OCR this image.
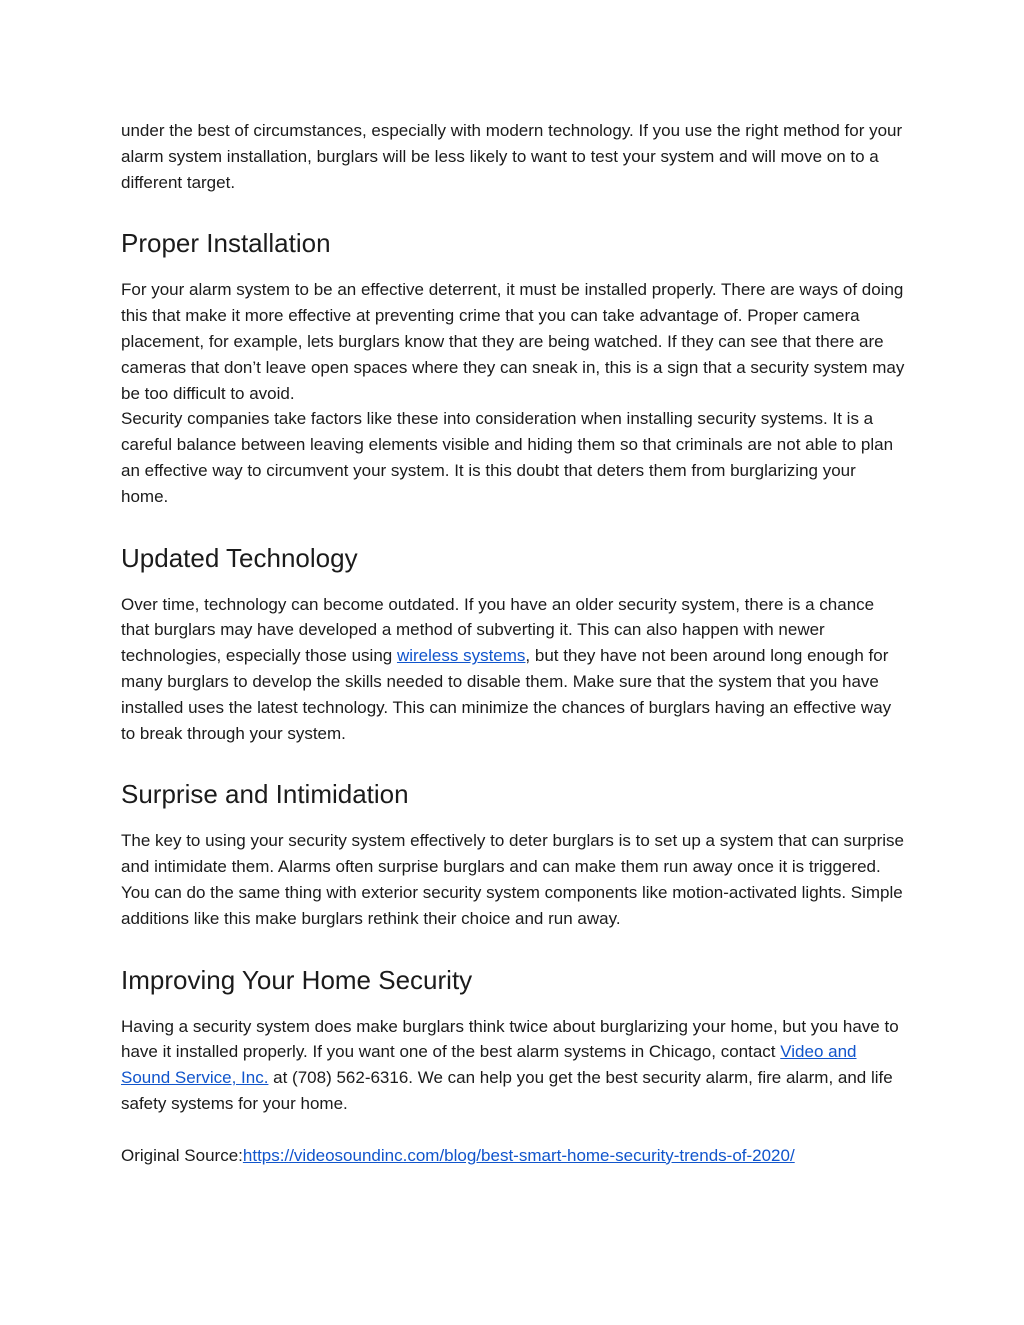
under the best of circumstances, especially with modern technology. If you use the right method for your alarm system installation, burglars will be less likely to want to test your system and will move on to a different target.

Proper Installation

For your alarm system to be an effective deterrent, it must be installed properly. There are ways of doing this that make it more effective at preventing crime that you can take advantage of. Proper camera placement, for example, lets burglars know that they are being watched. If they can see that there are cameras that don’t leave open spaces where they can sneak in, this is a sign that a security system may be too difficult to avoid.

Security companies take factors like these into consideration when installing security systems. It is a careful balance between leaving elements visible and hiding them so that criminals are not able to plan an effective way to circumvent your system. It is this doubt that deters them from burglarizing your home.

Updated Technology

Over time, technology can become outdated. If you have an older security system, there is a chance that burglars may have developed a method of subverting it. This can also happen with newer technologies, especially those using wireless systems, but they have not been around long enough for many burglars to develop the skills needed to disable them. Make sure that the system that you have installed uses the latest technology. This can minimize the chances of burglars having an effective way to break through your system.

Surprise and Intimidation

The key to using your security system effectively to deter burglars is to set up a system that can surprise and intimidate them. Alarms often surprise burglars and can make them run away once it is triggered. You can do the same thing with exterior security system components like motion-activated lights. Simple additions like this make burglars rethink their choice and run away.

Improving Your Home Security

Having a security system does make burglars think twice about burglarizing your home, but you have to have it installed properly. If you want one of the best alarm systems in Chicago, contact Video and Sound Service, Inc. at (708) 562-6316. We can help you get the best security alarm, fire alarm, and life safety systems for your home.

Original Source:https://videosoundinc.com/blog/best-smart-home-security-trends-of-2020/
